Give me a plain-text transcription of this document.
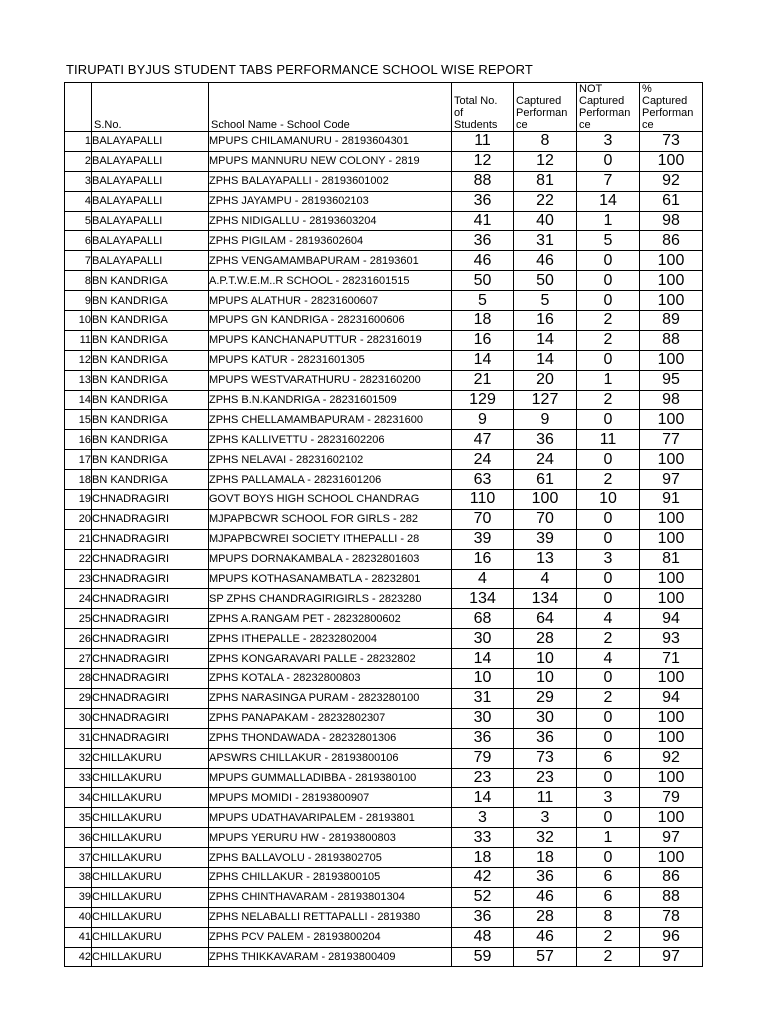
TIRUPATI BYJUS STUDENT TABS PERFORMANCE SCHOOL WISE REPORT
	S.No.	School Name - School Code	Total No.
of
Students	Captured
Performan
ce	NOT
Captured
Performan
ce	%
Captured
Performan
ce

1	BALAYAPALLI	MPUPS CHILAMANURU - 28193604301	11	8	3	73
2	BALAYAPALLI	MPUPS MANNURU NEW COLONY - 2819	12	12	0	100
3	BALAYAPALLI	ZPHS BALAYAPALLI - 28193601002	88	81	7	92
4	BALAYAPALLI	ZPHS JAYAMPU - 28193602103	36	22	14	61
5	BALAYAPALLI	ZPHS NIDIGALLU - 28193603204	41	40	1	98
6	BALAYAPALLI	ZPHS PIGILAM - 28193602604	36	31	5	86
7	BALAYAPALLI	ZPHS VENGAMAMBAPURAM - 28193601	46	46	0	100
8	BN KANDRIGA	A.P.T.W.E.M..R SCHOOL - 28231601515	50	50	0	100
9	BN KANDRIGA	MPUPS ALATHUR - 28231600607	5	5	0	100
10	BN KANDRIGA	MPUPS GN KANDRIGA - 28231600606	18	16	2	89
11	BN KANDRIGA	MPUPS KANCHANAPUTTUR - 282316019	16	14	2	88
12	BN KANDRIGA	MPUPS KATUR - 28231601305	14	14	0	100
13	BN KANDRIGA	MPUPS WESTVARATHURU - 2823160200	21	20	1	95
14	BN KANDRIGA	ZPHS B.N.KANDRIGA - 28231601509	129	127	2	98
15	BN KANDRIGA	ZPHS CHELLAMAMBAPURAM - 28231600	9	9	0	100
16	BN KANDRIGA	ZPHS KALLIVETTU - 28231602206	47	36	11	77
17	BN KANDRIGA	ZPHS NELAVAI - 28231602102	24	24	0	100
18	BN KANDRIGA	ZPHS PALLAMALA - 28231601206	63	61	2	97
19	CHNADRAGIRI	GOVT BOYS HIGH SCHOOL CHANDRAG	110	100	10	91
20	CHNADRAGIRI	MJPAPBCWR SCHOOL FOR GIRLS - 282	70	70	0	100
21	CHNADRAGIRI	MJPAPBCWREI SOCIETY ITHEPALLI - 28	39	39	0	100
22	CHNADRAGIRI	MPUPS DORNAKAMBALA - 28232801603	16	13	3	81
23	CHNADRAGIRI	MPUPS KOTHASANAMBATLA - 28232801	4	4	0	100
24	CHNADRAGIRI	SP ZPHS CHANDRAGIRIGIRLS - 2823280	134	134	0	100
25	CHNADRAGIRI	ZPHS A.RANGAM PET - 28232800602	68	64	4	94
26	CHNADRAGIRI	ZPHS ITHEPALLE - 28232802004	30	28	2	93
27	CHNADRAGIRI	ZPHS KONGARAVARI PALLE - 28232802	14	10	4	71
28	CHNADRAGIRI	ZPHS KOTALA - 28232800803	10	10	0	100
29	CHNADRAGIRI	ZPHS NARASINGA PURAM - 2823280100	31	29	2	94
30	CHNADRAGIRI	ZPHS PANAPAKAM - 28232802307	30	30	0	100
31	CHNADRAGIRI	ZPHS THONDAWADA - 28232801306	36	36	0	100
32	CHILLAKURU	APSWRS CHILLAKUR - 28193800106	79	73	6	92
33	CHILLAKURU	MPUPS GUMMALLADIBBA - 2819380100	23	23	0	100
34	CHILLAKURU	MPUPS MOMIDI - 28193800907	14	11	3	79
35	CHILLAKURU	MPUPS UDATHAVARIPALEM - 28193801	3	3	0	100
36	CHILLAKURU	MPUPS YERURU HW - 28193800803	33	32	1	97
37	CHILLAKURU	ZPHS BALLAVOLU - 28193802705	18	18	0	100
38	CHILLAKURU	ZPHS CHILLAKUR - 28193800105	42	36	6	86
39	CHILLAKURU	ZPHS CHINTHAVARAM - 28193801304	52	46	6	88
40	CHILLAKURU	ZPHS NELABALLI RETTAPALLI - 2819380	36	28	8	78
41	CHILLAKURU	ZPHS PCV PALEM - 28193800204	48	46	2	96
42	CHILLAKURU	ZPHS THIKKAVARAM - 28193800409	59	57	2	97
